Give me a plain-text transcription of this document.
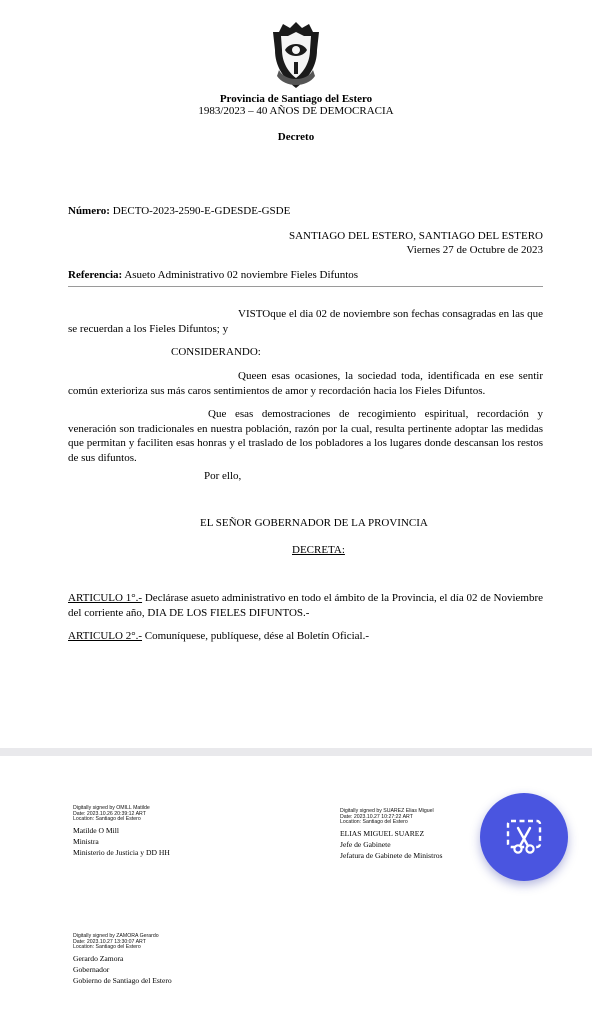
Provincia de Santiago del Estero
1983/2023 – 40 AÑOS DE DEMOCRACIA
Decreto
Número: DECTO-2023-2590-E-GDESDE-GSDE
SANTIAGO DEL ESTERO, SANTIAGO DEL ESTERO
Viernes 27 de Octubre de 2023
Referencia: Asueto Administrativo 02 noviembre Fieles Difuntos
VISTOque el dia 02 de noviembre son fechas consagradas en las que se recuerdan a los Fieles Difuntos; y
CONSIDERANDO:
Queen esas ocasiones, la sociedad toda, identificada en ese sentir común exterioriza sus más caros sentimientos de amor y recordación hacia los Fieles Difuntos.
Que esas demostraciones de recogimiento espiritual, recordación y veneración son tradicionales en nuestra población, razón por la cual, resulta pertinente adoptar las medidas que permitan y faciliten esas honras y el traslado de los pobladores a los lugares donde descansan los restos de sus difuntos.
Por ello,
EL SEÑOR GOBERNADOR DE LA PROVINCIA
DECRETA:
ARTICULO 1°.- Declárase asueto administrativo en todo el ámbito de la Provincia, el día 02 de Noviembre del corriente año, DIA DE LOS FIELES DIFUNTOS.-
ARTICULO 2°.- Comuníquese, publíquese, dése al Boletín Oficial.-
Digitally signed by OMILL Matilde
Date: 2023.10.26 20:39:12 ART
Location: Santiago del Estero
Matilde O Mill
Ministra
Ministerio de Justicia y DD HH
Digitally signed by SUAREZ Elias Miguel
Date: 2023.10.27 10:27:22 ART
Location: Santiago del Estero
ELIAS MIGUEL SUAREZ
Jefe de Gabinete
Jefatura de Gabinete de Ministros
Digitally signed by ZAMORA Gerardo
Date: 2023.10.27 13:30:07 ART
Location: Santiago del Estero
Gerardo Zamora
Gobernador
Gobierno de Santiago del Estero
